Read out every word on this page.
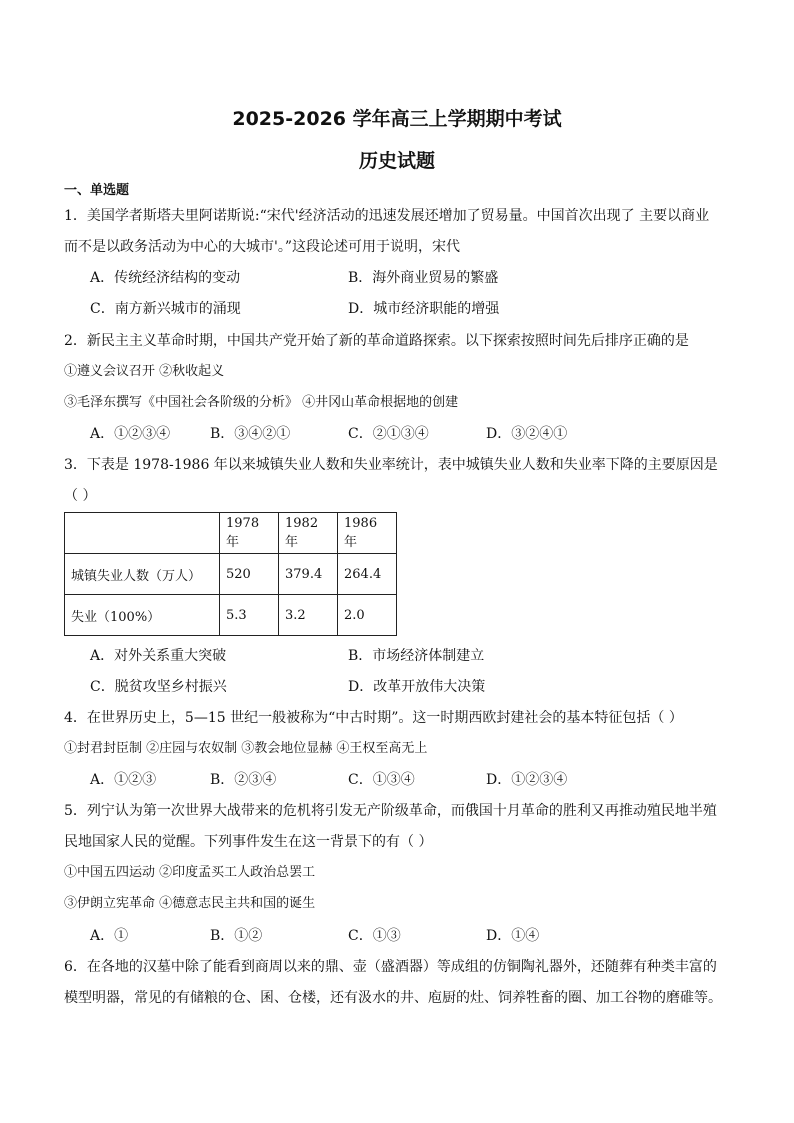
2025-2026 学年高三上学期期中考试
历史试题
一、单选题
1．美国学者斯塔夫里阿诺斯说:“宋代'经济活动的迅速发展还增加了贸易量。中国首次出现了 主要以商业
而不是以政务活动为中心的大城市'。”这段论述可用于说明，宋代
A．传统经济结构的变动	B．海外商业贸易的繁盛
C．南方新兴城市的涌现	D．城市经济职能的增强
2．新民主主义革命时期，中国共产党开始了新的革命道路探索。以下探索按照时间先后排序正确的是
①遵义会议召开 ②秋收起义
③毛泽东撰写《中国社会各阶级的分析》 ④井冈山革命根据地的创建
A．①②③④	B．③④②①	C．②①③④	D．③②④①
3．下表是 1978-1986 年以来城镇失业人数和失业率统计，表中城镇失业人数和失业率下降的主要原因是
（ ）
	1978 年	1982 年	1986 年
城镇失业人数（万人）	520	379.4	264.4
失业（100%）	5.3	3.2	2.0
A．对外关系重大突破	B．市场经济体制建立
C．脱贫攻坚乡村振兴	D．改革开放伟大决策
4．在世界历史上，5—15 世纪一般被称为“中古时期”。这一时期西欧封建社会的基本特征包括（ ）
①封君封臣制 ②庄园与农奴制 ③教会地位显赫 ④王权至高无上
A．①②③	B．②③④	C．①③④	D．①②③④
5．列宁认为第一次世界大战带来的危机将引发无产阶级革命，而俄国十月革命的胜利又再推动殖民地半殖
民地国家人民的觉醒。下列事件发生在这一背景下的有（ ）
①中国五四运动 ②印度孟买工人政治总罢工
③伊朗立宪革命 ④德意志民主共和国的诞生
A．①	B．①②	C．①③	D．①④
6．在各地的汉墓中除了能看到商周以来的鼎、壶（盛酒器）等成组的仿铜陶礼器外，还随葬有种类丰富的
模型明器，常见的有储粮的仓、囷、仓楼，还有汲水的井、庖厨的灶、饲养牲畜的圈、加工谷物的磨碓等。
